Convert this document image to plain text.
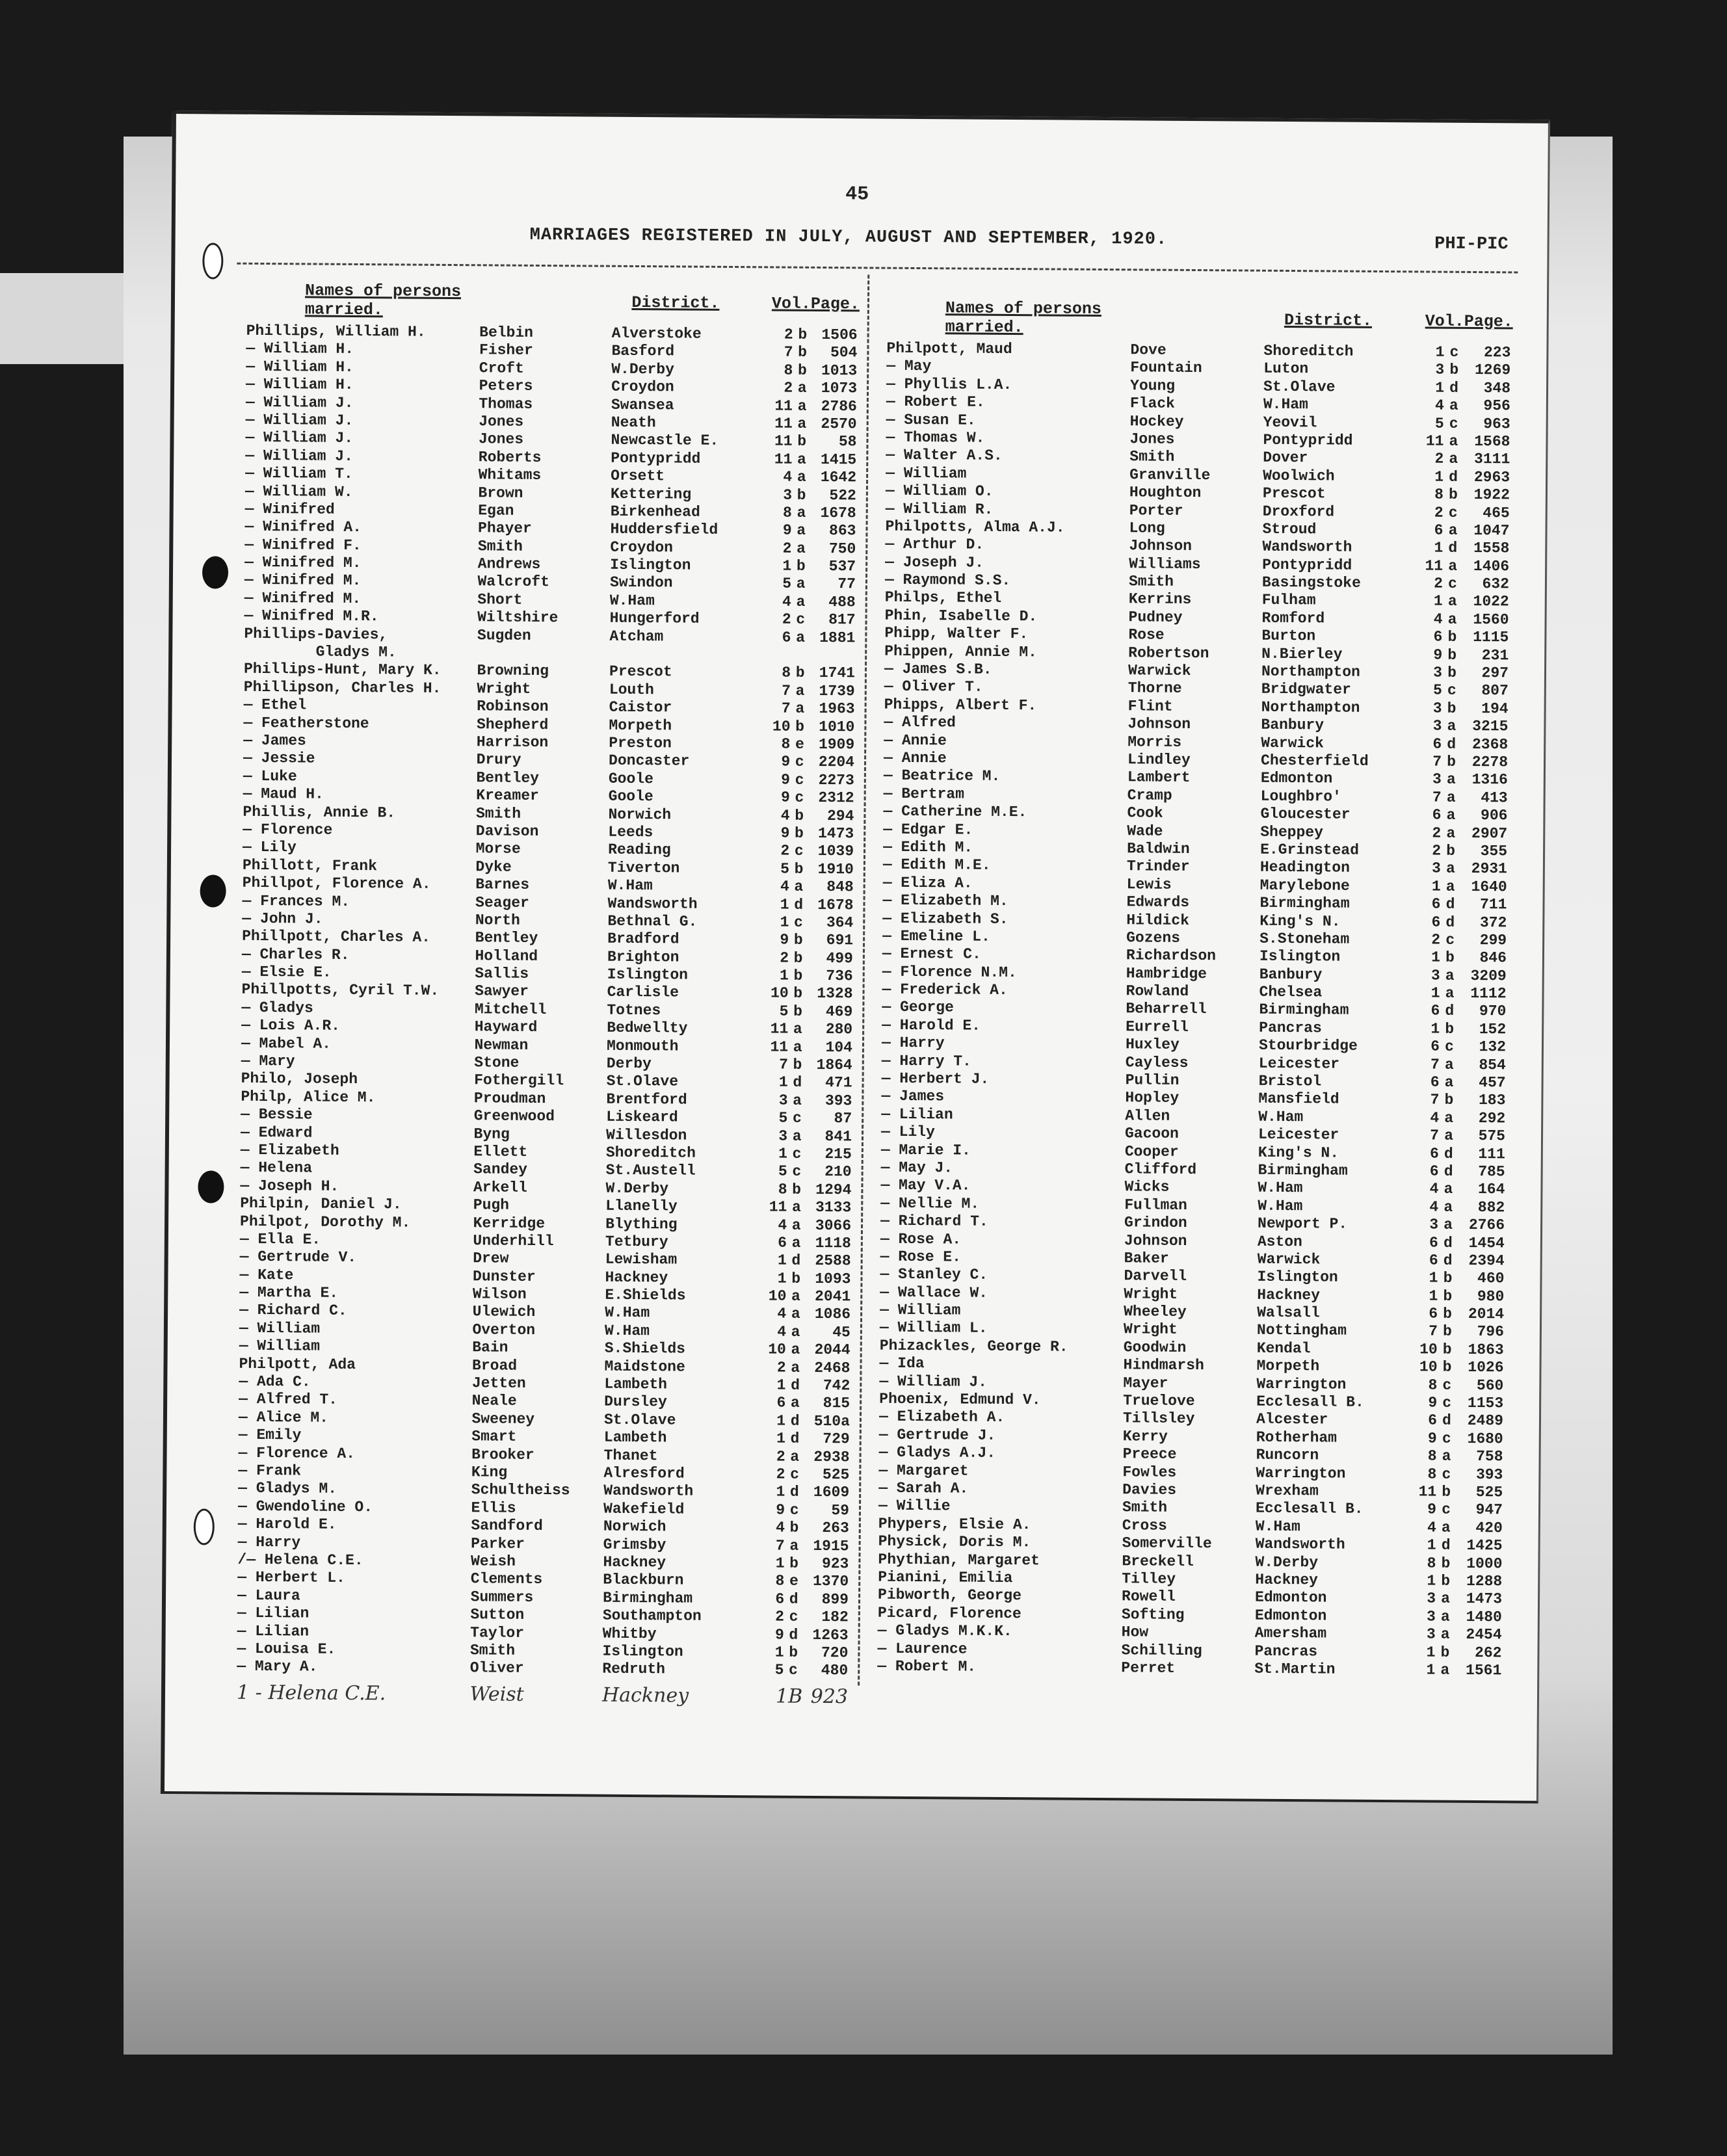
45
MARRIAGES REGISTERED IN JULY, AUGUST AND SEPTEMBER, 1920.	PHI-PIC
Names of persons married.	District.	Vol. Page.
Phillips, William H.	Belbin	Alverstoke	2 b 1506
— William H.	Fisher	Basford	7 b	504
— William H.	Croft	W.Derby	8 b 1013
— William H.	Peters	Croydon	2 a 1073
— William J.	Thomas	Swansea	11 a 2786
— William J.	Jones	Neath	11 a 2570
— William J.	Jones	Newcastle E.	11 b	58
— William J.	Roberts	Pontypridd	11 a 1415
— William T.	Whitams	Orsett	4 a 1642
— William W.	Brown	Kettering	3 b	522
— Winifred	Egan	Birkenhead	8 a 1678
— Winifred A.	Phayer	Huddersfield	9 a	863
— Winifred F.	Smith	Croydon	2 a	750
— Winifred M.	Andrews	Islington	1 b	537
— Winifred M.	Walcroft	Swindon	5 a	77
— Winifred M.	Short	W.Ham	4 a	488
— Winifred M.R.	Wiltshire	Hungerford	2 c	817
Phillips-Davies,	Sugden	Atcham	6 a 1881
Gladys M.
Phillips-Hunt, Mary K.	Browning	Prescot	8 b 1741
Phillipson, Charles H.	Wright	Louth	7 a 1739
— Ethel	Robinson	Caistor	7 a 1963
— Featherstone	Shepherd	Morpeth	10 b 1010
— James	Harrison	Preston	8 e 1909
— Jessie	Drury	Doncaster	9 c 2204
— Luke	Bentley	Goole	9 c 2273
— Maud H.	Kreamer	Goole	9 c 2312
Phillis, Annie B.	Smith	Norwich	4 b	294
— Florence	Davison	Leeds	9 b 1473
— Lily	Morse	Reading	2 c 1039
Phillott, Frank	Dyke	Tiverton	5 b 1910
Phillpot, Florence A.	Barnes	W.Ham	4 a	848
— Frances M.	Seager	Wandsworth	1 d 1678
— John J.	North	Bethnal G.	1 c	364
Phillpott, Charles A.	Bentley	Bradford	9 b	691
— Charles R.	Holland	Brighton	2 b	499
— Elsie E.	Sallis	Islington	1 b	736
Phillpotts, Cyril T.W.	Sawyer	Carlisle	10 b 1328
— Gladys	Mitchell	Totnes	5 b	469
— Lois A.R.	Hayward	Bedwellty	11 a	280
— Mabel A.	Newman	Monmouth	11 a	104
— Mary	Stone	Derby	7 b 1864
Philo, Joseph	Fothergill	St.Olave	1 d	471
Philp, Alice M.	Proudman	Brentford	3 a	393
— Bessie	Greenwood	Liskeard	5 c	87
— Edward	Byng	Willesdon	3 a	841
— Elizabeth	Ellett	Shoreditch	1 c	215
— Helena	Sandey	St.Austell	5 c	210
— Joseph H.	Arkell	W.Derby	8 b 1294
Philpin, Daniel J.	Pugh	Llanelly	11 a 3133
Philpot, Dorothy M.	Kerridge	Blything	4 a 3066
— Ella E.	Underhill	Tetbury	6 a 1118
— Gertrude V.	Drew	Lewisham	1 d 2588
— Kate	Dunster	Hackney	1 b 1093
— Martha E.	Wilson	E.Shields	10 a 2041
— Richard C.	Ulewich	W.Ham	4 a 1086
— William	Overton	W.Ham	4 a	45
— William	Bain	S.Shields	10 a 2044
Philpott, Ada	Broad	Maidstone	2 a 2468
— Ada C.	Jetten	Lambeth	1 d	742
— Alfred T.	Neale	Dursley	6 a	815
— Alice M.	Sweeney	St.Olave	1 d 510a
— Emily	Smart	Lambeth	1 d	729
— Florence A.	Brooker	Thanet	2 a 2938
— Frank	King	Alresford	2 c	525
— Gladys M.	Schultheiss	Wandsworth	1 d 1609
— Gwendoline O.	Ellis	Wakefield	9 c	59
— Harold E.	Sandford	Norwich	4 b	263
— Harry	Parker	Grimsby	7 a 1915
/— Helena C.E.	Weish	Hackney	1 b	923
— Herbert L.	Clements	Blackburn	8 e 1370
— Laura	Summers	Birmingham	6 d	899
— Lilian	Sutton	Southampton	2 c	182
— Lilian	Taylor	Whitby	9 d 1263
— Louisa E.	Smith	Islington	1 b	720
— Mary A.	Oliver	Redruth	5 c	480
1 - Helena C.E.	Weist	Hackney	1B 923
Names of persons married.	District.	Vol. Page.
Philpott, Maud	Dove	Shoreditch	1 c	223
— May	Fountain	Luton	3 b	1269
— Phyllis L.A.	Young	St.Olave	1 d	348
— Robert E.	Flack	W.Ham	4 a	956
— Susan E.	Hockey	Yeovil	5 c	963
— Thomas W.	Jones	Pontypridd	11 a	1568
— Walter A.S.	Smith	Dover	2 a	3111
— William	Granville	Woolwich	1 d	2963
— William O.	Houghton	Prescot	8 b	1922
— William R.	Porter	Droxford	2 c	465
Philpotts, Alma A.J.	Long	Stroud	6 a	1047
— Arthur D.	Johnson	Wandsworth	1 d	1558
— Joseph J.	Williams	Pontypridd	11 a	1406
— Raymond S.S.	Smith	Basingstoke	2 c	632
Philps, Ethel	Kerrins	Fulham	1 a	1022
Phin, Isabelle D.	Pudney	Romford	4 a	1560
Phipp, Walter F.	Rose	Burton	6 b	1115
Phippen, Annie M.	Robertson	N.Bierley	9 b	231
— James S.B.	Warwick	Northampton	3 b	297
— Oliver T.	Thorne	Bridgwater	5 c	807
Phipps, Albert F.	Flint	Northampton	3 b	194
— Alfred	Johnson	Banbury	3 a	3215
— Annie	Morris	Warwick	6 d	2368
— Annie	Lindley	Chesterfield	7 b	2278
— Beatrice M.	Lambert	Edmonton	3 a	1316
— Bertram	Cramp	Loughbro'	7 a	413
— Catherine M.E.	Cook	Gloucester	6 a	906
— Edgar E.	Wade	Sheppey	2 a	2907
— Edith M.	Baldwin	E.Grinstead	2 b	355
— Edith M.E.	Trinder	Headington	3 a	2931
— Eliza A.	Lewis	Marylebone	1 a	1640
— Elizabeth M.	Edwards	Birmingham	6 d	711
— Elizabeth S.	Hildick	King's N.	6 d	372
— Emeline L.	Gozens	S.Stoneham	2 c	299
— Ernest C.	Richardson	Islington	1 b	846
— Florence N.M.	Hambridge	Banbury	3 a	3209
— Frederick A.	Rowland	Chelsea	1 a	1112
— George	Beharrell	Birmingham	6 d	970
— Harold E.	Eurrell	Pancras	1 b	152
— Harry	Huxley	Stourbridge	6 c	132
— Harry T.	Cayless	Leicester	7 a	854
— Herbert J.	Pullin	Bristol	6 a	457
— James	Hopley	Mansfield	7 b	183
— Lilian	Allen	W.Ham	4 a	292
— Lily	Gacoon	Leicester	7 a	575
— Marie I.	Cooper	King's N.	6 d	111
— May J.	Clifford	Birmingham	6 d	785
— May V.A.	Wicks	W.Ham	4 a	164
— Nellie M.	Fullman	W.Ham	4 a	882
— Richard T.	Grindon	Newport P.	3 a	2766
— Rose A.	Johnson	Aston	6 d	1454
— Rose E.	Baker	Warwick	6 d	2394
— Stanley C.	Darvell	Islington	1 b	460
— Wallace W.	Wright	Hackney	1 b	980
— William	Wheeley	Walsall	6 b	2014
— William L.	Wright	Nottingham	7 b	796
Phizackles, George R.	Goodwin	Kendal	10 b	1863
— Ida	Hindmarsh	Morpeth	10 b	1026
— William J.	Mayer	Warrington	8 c	560
Phoenix, Edmund V.	Truelove	Ecclesall B.	9 c	1153
— Elizabeth A.	Tillsley	Alcester	6 d	2489
— Gertrude J.	Kerry	Rotherham	9 c	1680
— Gladys A.J.	Preece	Runcorn	8 a	758
— Margaret	Fowles	Warrington	8 c	393
— Sarah A.	Davies	Wrexham	11 b	525
— Willie	Smith	Ecclesall B.	9 c	947
Phypers, Elsie A.	Cross	W.Ham	4 a	420
Physick, Doris M.	Somerville	Wandsworth	1 d	1425
Phythian, Margaret	Breckell	W.Derby	8 b	1000
Pianini, Emilia	Tilley	Hackney	1 b	1288
Pibworth, George	Rowell	Edmonton	3 a	1473
Picard, Florence	Softing	Edmonton	3 a	1480
— Gladys M.K.K.	How	Amersham	3 a	2454
— Laurence	Schilling	Pancras	1 b	262
— Robert M.	Perret	St.Martin	1 a	1561
